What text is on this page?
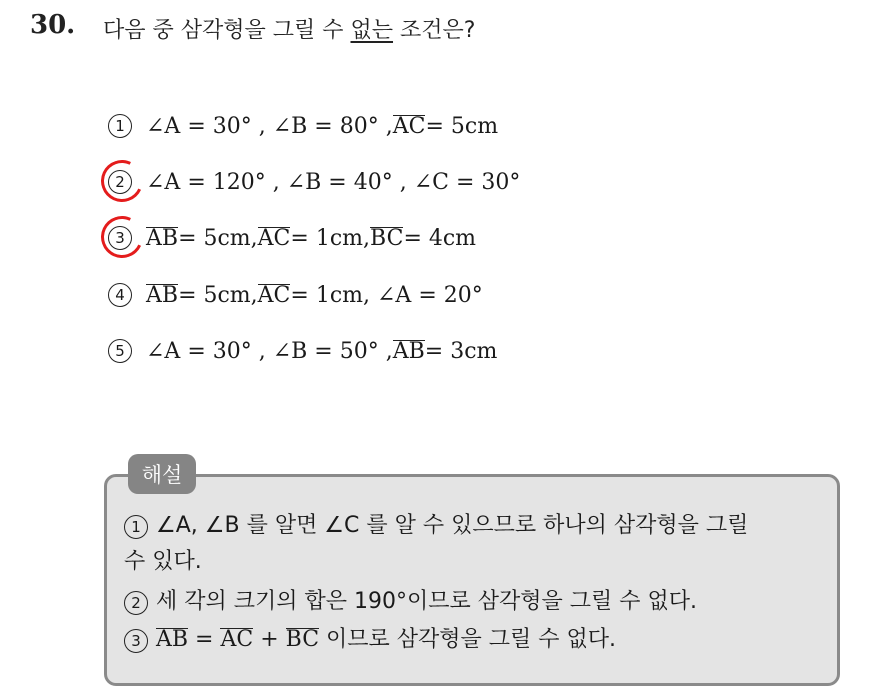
30. 다음 중 삼각형을 그릴 수 없는 조건은?
1 ∠A = 30° , ∠B = 80° , AC = 5cm
2 ∠A = 120° , ∠B = 40° , ∠C = 30°
3 AB = 5cm, AC = 1cm, BC = 4cm
4 AB = 5cm, AC = 1cm, ∠A = 20°
5 ∠A = 30° , ∠B = 50° , AB = 3cm
해설
1 ∠A, ∠B 를 알면 ∠C 를 알 수 있으므로 하나의 삼각형을 그릴
수 있다.
2 세 각의 크기의 합은 190°이므로 삼각형을 그릴 수 없다.
3 AB = AC + BC 이므로 삼각형을 그릴 수 없다.
